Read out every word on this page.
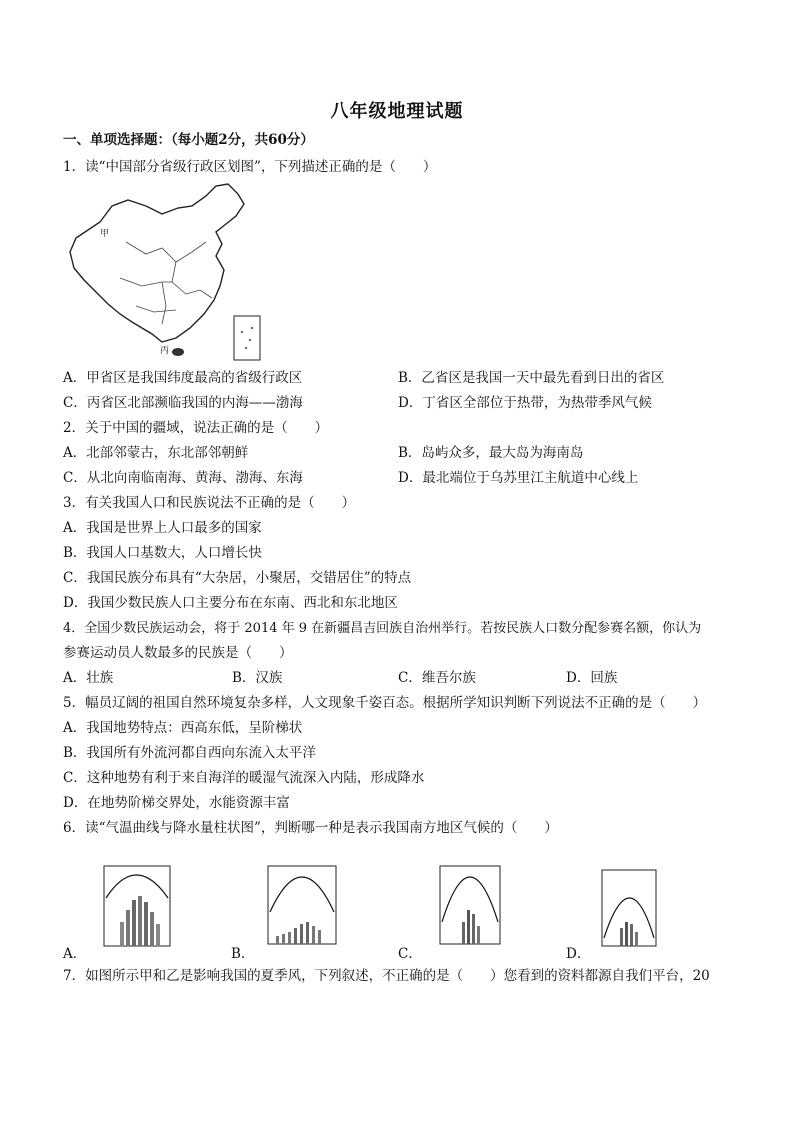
八年级地理试题
一、单项选择题：（每小题2分，共60分）
1．读“中国部分省级行政区划图”，下列描述正确的是（　　）
甲
丙
A．甲省区是我国纬度最高的省级行政区	B．乙省区是我国一天中最先看到日出的省区
C．丙省区北部濒临我国的内海——渤海	D．丁省区全部位于热带，为热带季风气候
2．关于中国的疆域，说法正确的是（　　）
A．北部邻蒙古，东北部邻朝鲜	B．岛屿众多，最大岛为海南岛
C．从北向南临南海、黄海、渤海、东海	D．最北端位于乌苏里江主航道中心线上
3．有关我国人口和民族说法不正确的是（　　）
A．我国是世界上人口最多的国家
B．我国人口基数大，人口增长快
C．我国民族分布具有“大杂居，小聚居，交错居住”的特点
D．我国少数民族人口主要分布在东南、西北和东北地区
4．全国少数民族运动会，将于 2014 年 9 在新疆昌吉回族自治州举行。若按民族人口数分配参赛名额，你认为
参赛运动员人数最多的民族是（　　）
A．壮族	B．汉族	C．维吾尔族	D．回族
5．幅员辽阔的祖国自然环境复杂多样，人文现象千姿百态。根据所学知识判断下列说法不正确的是（　　）
A．我国地势特点：西高东低，呈阶梯状
B．我国所有外流河都自西向东流入太平洋
C．这种地势有利于来自海洋的暖湿气流深入内陆，形成降水
D．在地势阶梯交界处，水能资源丰富
6．读“气温曲线与降水量柱状图”，判断哪一种是表示我国南方地区气候的（　　）
A．	B．	C．	D．
7．如图所示甲和乙是影响我国的夏季风，下列叙述，不正确的是（　　）您看到的资料都源自我们平台，20
